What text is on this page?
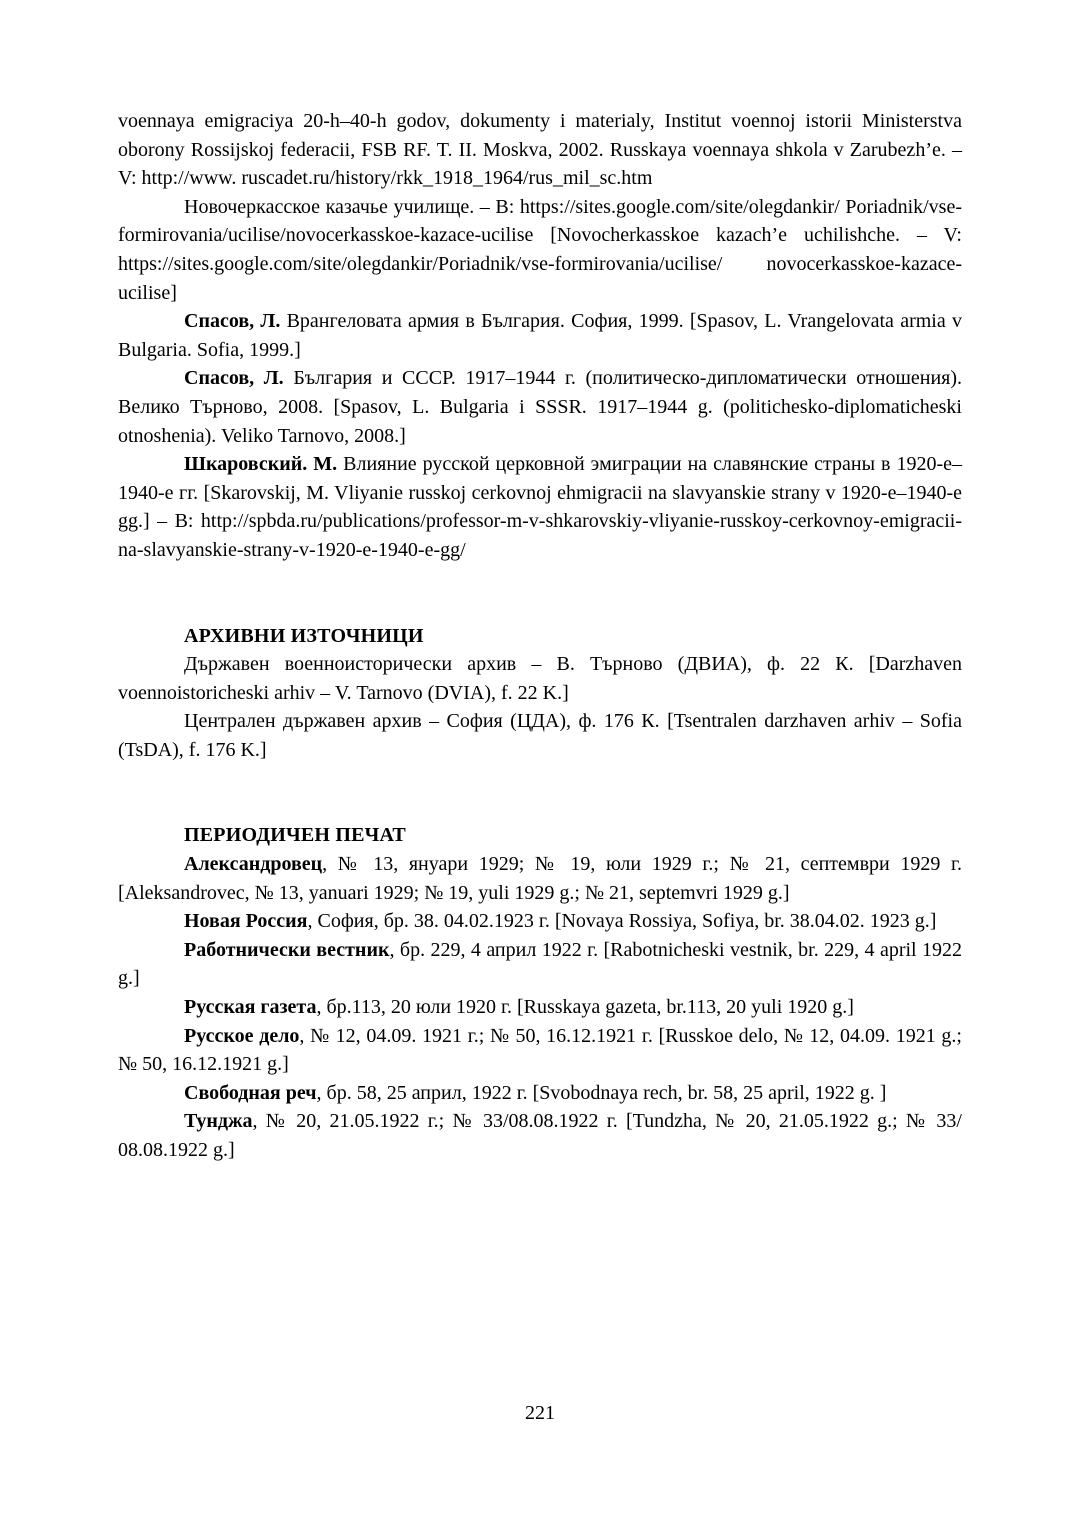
voennaya emigraciya 20-h–40-h godov, dokumenty i materialy, Institut voennoj istorii Ministerstva oborony Rossijskoj federacii, FSB RF. T. II. Moskva, 2002. Russkaya voennaya shkola v Zarubezh’e. – V: http://www. ruscadet.ru/history/rkk_1918_1964/rus_mil_sc.htm

Новочеркасское казачье училище. – В: https://sites.google.com/site/olegdankir/ Poriadnik/vse-formirovania/ucilise/novocerkasskoe-kazace-ucilise [Novocherkasskoe kazach’e uchilishche. – V: https://sites.google.com/site/olegdankir/Poriadnik/vse-formirovania/ucilise/ novocerkasskoe-kazace-ucilise]

Спасов, Л. Врангеловата армия в България. София, 1999. [Spasov, L. Vrangelovata armia v Bulgaria. Sofia, 1999.]

Спасов, Л. България и СССР. 1917–1944 г. (политическо-дипломатически отношения). Велико Търново, 2008. [Spasov, L. Bulgaria i SSSR. 1917–1944 g. (politichesko-diplomaticheski otnoshenia). Veliko Tarnovo, 2008.]

Шкаровский. М. Влияние русской церковной эмиграции на славянские страны в 1920-е–1940-е гг. [Skarovskij, M. Vliyanie russkoj cerkovnoj ehmigracii na slavyanskie strany v 1920-e–1940-e gg.] – В: http://spbda.ru/publications/professor-m-v-shkarovskiy-vliyanie-russkoy-cerkovnoy-emigracii-na-slavyanskie-strany-v-1920-e-1940-e-gg/

АРХИВНИ ИЗТОЧНИЦИ

Държавен военноисторически архив – В. Търново (ДВИА), ф. 22 К. [Darzhaven voennoistoricheski arhiv – V. Tarnovo (DVIA), f. 22 K.]

Централен държавен архив – София (ЦДА), ф. 176 К. [Tsentralen darzhaven arhiv – Sofia (TsDA), f. 176 K.]

ПЕРИОДИЧЕН ПЕЧАТ

Александровец, № 13, януари 1929; № 19, юли 1929 г.; № 21, септември 1929 г. [Aleksandrovec, № 13, yanuari 1929; № 19, yuli 1929 g.; № 21, septemvri 1929 g.]

Новая Россия, София, бр. 38. 04.02.1923 г. [Novaya Rossiya, Sofiya, br. 38.04.02. 1923 g.]

Работнически вестник, бр. 229, 4 април 1922 г. [Rabotnicheski vestnik, br. 229, 4 april 1922 g.]

Русская газета, бр.113, 20 юли 1920 г. [Russkaya gazeta, br.113, 20 yuli 1920 g.]

Русское дело, № 12, 04.09. 1921 г.; № 50, 16.12.1921 г. [Russkoe delo, № 12, 04.09. 1921 g.; № 50, 16.12.1921 g.]

Свободная реч, бр. 58, 25 април, 1922 г. [Svobodnaya rech, br. 58, 25 april, 1922 g. ]

Тунджа, № 20, 21.05.1922 г.; № 33/08.08.1922 г. [Tundzha, № 20, 21.05.1922 g.; № 33/ 08.08.1922 g.]

221
